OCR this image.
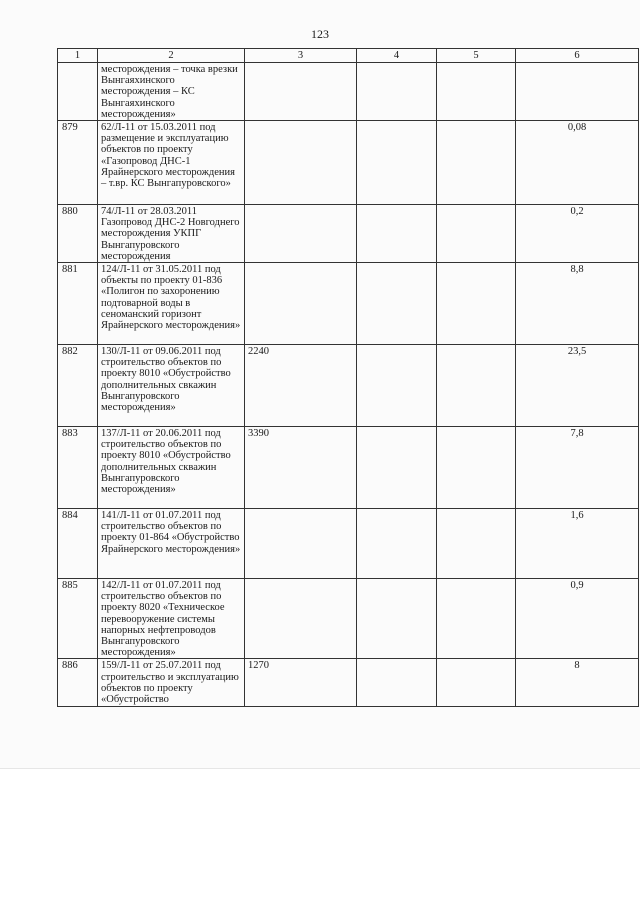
123
1	2	3	4	5	6
	месторождения – точка врезки Вынгаяхинского месторождения – КС Вынгаяхинского месторождения»				
879	62/Л-11 от 15.03.2011 под размещение и эксплуатацию объектов по проекту «Газопровод ДНС-1 Ярайнерского месторождения – т.вр. КС Вынгапуровского»				0,08
880	74/Л-11 от 28.03.2011 Газопровод ДНС-2 Новгоднего месторождения УКПГ Вынгапуровского месторождения				0,2
881	124/Л-11 от 31.05.2011 под объекты по проекту 01-836 «Полигон по захоронению подтоварной воды в сеноманский горизонт Ярайнерского месторождения»				8,8
882	130/Л-11 от 09.06.2011 под строительство объектов по проекту 8010 «Обустройство дополнительных свкажин Вынгапуровского месторождения»	2240			23,5
883	137/Л-11 от 20.06.2011 под строительство объектов по проекту 8010 «Обустройство дополнительных скважин Вынгапуровского месторождения»	3390			7,8
884	141/Л-11 от 01.07.2011 под строительство объектов по проекту 01-864 «Обустройство Ярайнерского месторождения»				1,6
885	142/Л-11 от 01.07.2011 под строительство объектов по проекту 8020 «Техническое перевооружение системы напорных нефтепроводов Вынгапуровского месторождения»				0,9
886	159/Л-11 от 25.07.2011 под строительство и эксплуатацию объектов по проекту «Обустройство	1270			8
